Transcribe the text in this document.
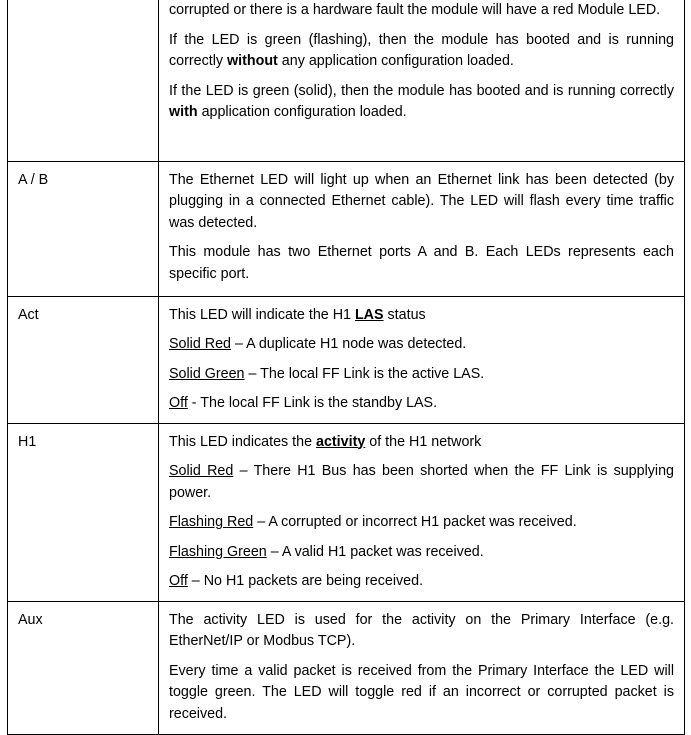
	corrupted or there is a hardware fault the module will have a red Module LED.
If the LED is green (flashing), then the module has booted and is running correctly without any application configuration loaded.
If the LED is green (solid), then the module has booted and is running correctly with application configuration loaded.

A / B	The Ethernet LED will light up when an Ethernet link has been detected (by plugging in a connected Ethernet cable). The LED will flash every time traffic was detected.
This module has two Ethernet ports A and B. Each LEDs represents each specific port.

Act	This LED will indicate the H1 LAS status
Solid Red – A duplicate H1 node was detected.
Solid Green – The local FF Link is the active LAS.
Off - The local FF Link is the standby LAS.

H1	This LED indicates the activity of the H1 network
Solid Red – There H1 Bus has been shorted when the FF Link is supplying power.
Flashing Red – A corrupted or incorrect H1 packet was received.
Flashing Green – A valid H1 packet was received.
Off – No H1 packets are being received.

Aux	The activity LED is used for the activity on the Primary Interface (e.g. EtherNet/IP or Modbus TCP).
Every time a valid packet is received from the Primary Interface the LED will toggle green. The LED will toggle red if an incorrect or corrupted packet is received.
